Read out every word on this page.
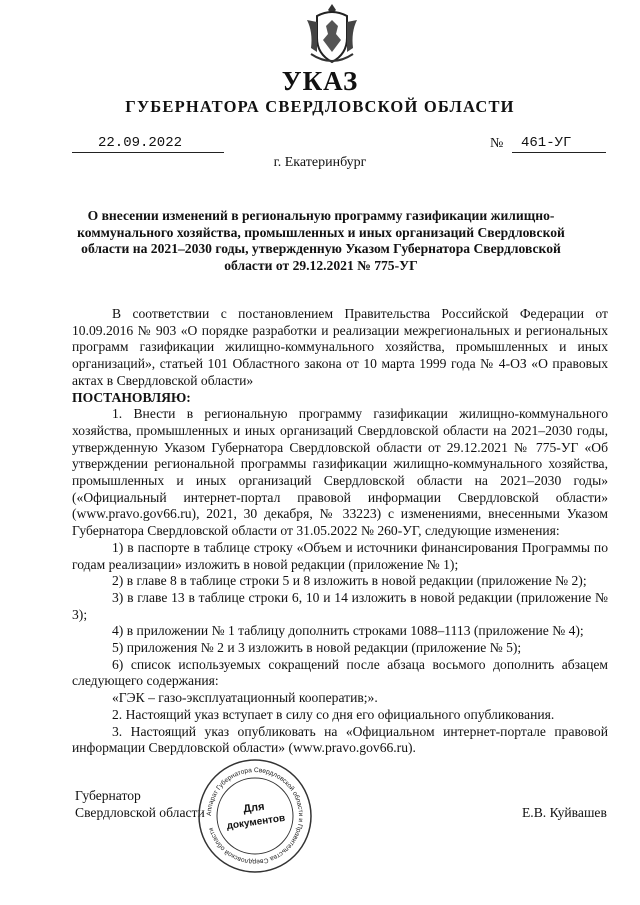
УКАЗ
ГУБЕРНАТОРА СВЕРДЛОВСКОЙ ОБЛАСТИ
22.09.2022	№ 461-УГ
г. Екатеринбург
О внесении изменений в региональную программу газификации жилищно-коммунального хозяйства, промышленных и иных организаций Свердловской области на 2021–2030 годы, утвержденную Указом Губернатора Свердловской области от 29.12.2021 № 775-УГ

В соответствии с постановлением Правительства Российской Федерации от 10.09.2016 № 903 «О порядке разработки и реализации межрегиональных и региональных программ газификации жилищно-коммунального хозяйства, промышленных и иных организаций», статьей 101 Областного закона от 10 марта 1999 года № 4-ОЗ «О правовых актах в Свердловской области»

ПОСТАНОВЛЯЮ:

1. Внести в региональную программу газификации жилищно-коммунального хозяйства, промышленных и иных организаций Свердловской области на 2021–2030 годы, утвержденную Указом Губернатора Свердловской области от 29.12.2021 № 775-УГ «Об утверждении региональной программы газификации жилищно-коммунального хозяйства, промышленных и иных организаций Свердловской области на 2021–2030 годы» («Официальный интернет-портал правовой информации Свердловской области» (www.pravo.gov66.ru), 2021, 30 декабря, № 33223) с изменениями, внесенными Указом Губернатора Свердловской области от 31.05.2022 № 260-УГ, следующие изменения:

1) в паспорте в таблице строку «Объем и источники финансирования Программы по годам реализации» изложить в новой редакции (приложение № 1);

2) в главе 8 в таблице строки 5 и 8 изложить в новой редакции (приложение № 2);

3) в главе 13 в таблице строки 6, 10 и 14 изложить в новой редакции (приложение № 3);

4) в приложении № 1 таблицу дополнить строками 1088–1113 (приложение № 4);

5) приложения № 2 и 3 изложить в новой редакции (приложение № 5);

6) список используемых сокращений после абзаца восьмого дополнить абзацем следующего содержания:

«ГЭК – газо-эксплуатационный кооператив;».

2. Настоящий указ вступает в силу со дня его официального опубликования.

3. Настоящий указ опубликовать на «Официальном интернет-портале правовой информации Свердловской области» (www.pravo.gov66.ru).

Губернатор
Свердловской области	Е.В. Куйвашев
Аппарат Губернатора Свердловской области и Правительства Свердловской области
Для
документов
